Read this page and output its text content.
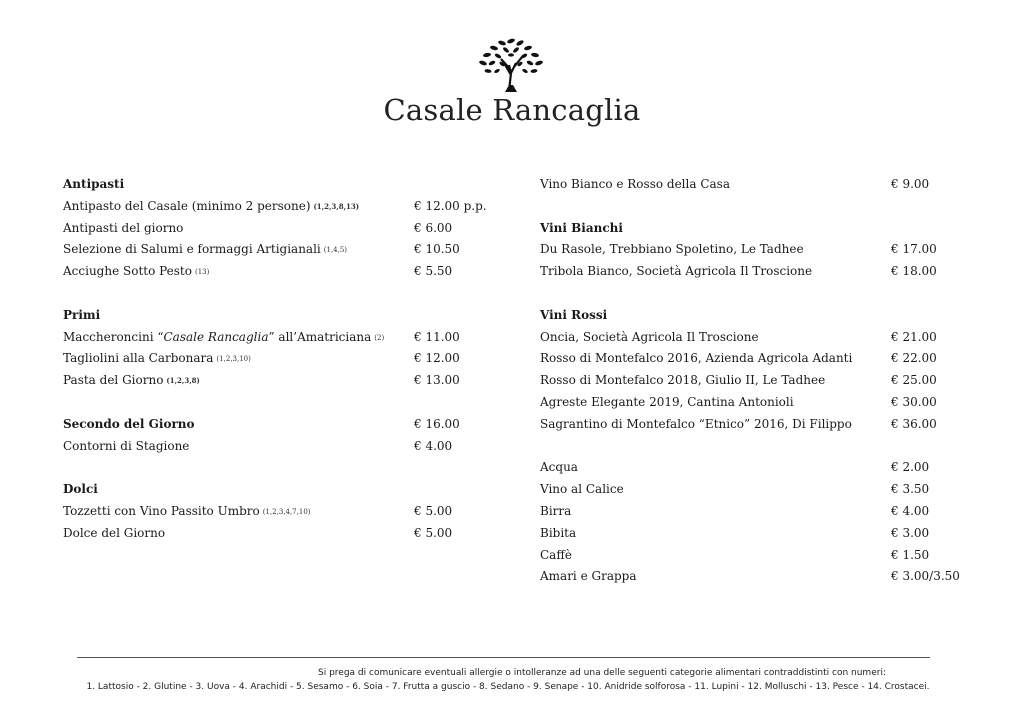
Casale Rancaglia
Antipasti
Antipasto del Casale (minimo 2 persone) (1,2,3,8,13)	€ 12.00 p.p.
Antipasti del giorno	€ 6.00
Selezione di Salumi e formaggi Artigianali (1,4,5)	€ 10.50
Acciughe Sotto Pesto (13)	€ 5.50
Primi
Maccheroncini “Casale Rancaglia” all’Amatriciana (2) € 11.00
Tagliolini alla Carbonara (1,2,3,10)	€ 12.00
Pasta del Giorno (1,2,3,8)	€ 13.00
Secondo del Giorno	€ 16.00
Contorni di Stagione	€ 4.00
Dolci
Tozzetti con Vino Passito Umbro (1,2,3,4,7,10)	€ 5.00
Dolce del Giorno	€ 5.00
Vino Bianco e Rosso della Casa	€ 9.00
Vini Bianchi
Du Rasole, Trebbiano Spoletino, Le Tadhee	€ 17.00
Tribola Bianco, Società Agricola Il Troscione	€ 18.00
Vini Rossi
Oncia, Società Agricola Il Troscione	€ 21.00
Rosso di Montefalco 2016, Azienda Agricola Adanti	€ 22.00
Rosso di Montefalco 2018, Giulio II, Le Tadhee	€ 25.00
Agreste Elegante 2019, Cantina Antonioli	€ 30.00
Sagrantino di Montefalco “Etnico” 2016, Di Filippo	€ 36.00
Acqua	€ 2.00
Vino al Calice	€ 3.50
Birra	€ 4.00
Bibita	€ 3.00
Caffè	€ 1.50
Amari e Grappa	€ 3.00/3.50
Si prega di comunicare eventuali allergie o intolleranze ad una delle seguenti categorie alimentari contraddistinti con numeri:
1. Lattosio - 2. Glutine - 3. Uova - 4. Arachidi - 5. Sesamo - 6. Soia - 7. Frutta a guscio - 8. Sedano - 9. Senape - 10. Anidride solforosa - 11. Lupini - 12. Molluschi - 13. Pesce - 14. Crostacei.
